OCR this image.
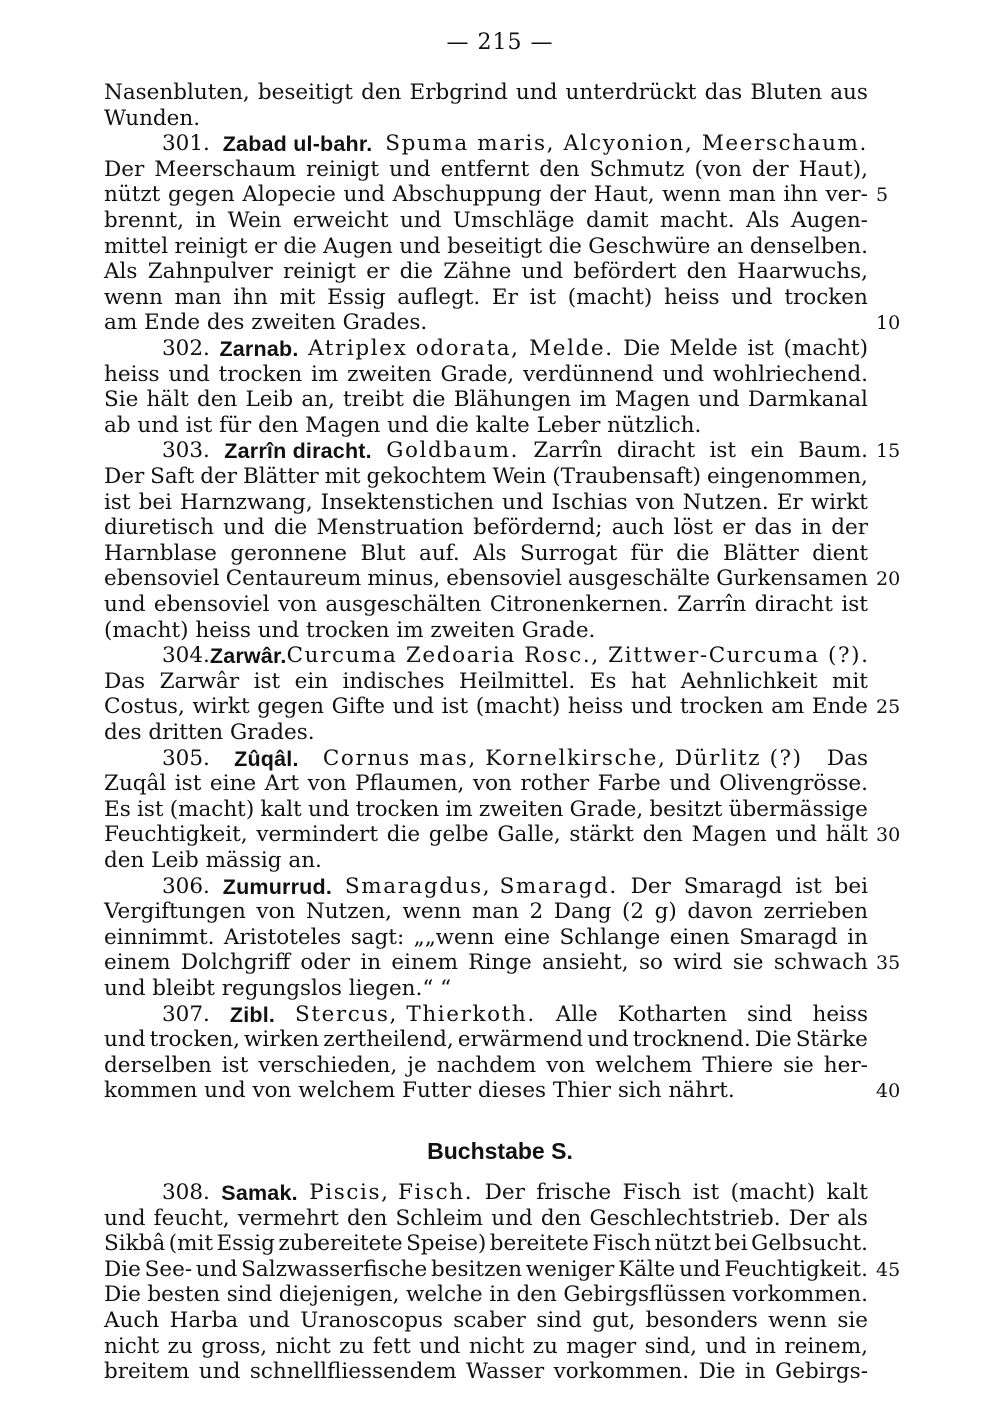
— 215 —
Nasenbluten, beseitigt den Erbgrind und unterdrückt das Bluten aus
Wunden.
301. Zabad ul-bahr. Spuma maris, Alcyonion, Meerschaum.
Der Meerschaum reinigt und entfernt den Schmutz (von der Haut),
nützt gegen Alopecie und Abschuppung der Haut, wenn man ihn ver- 5
brennt, in Wein erweicht und Umschläge damit macht. Als Augen-
mittel reinigt er die Augen und beseitigt die Geschwüre an denselben.
Als Zahnpulver reinigt er die Zähne und befördert den Haarwuchs,
wenn man ihn mit Essig auflegt. Er ist (macht) heiss und trocken
am Ende des zweiten Grades.	10
302. Zarnab. Atriplex odorata, Melde. Die Melde ist (macht)
heiss und trocken im zweiten Grade, verdünnend und wohlriechend.
Sie hält den Leib an, treibt die Blähungen im Magen und Darmkanal
ab und ist für den Magen und die kalte Leber nützlich.
303. Zarrîn diracht. Goldbaum. Zarrîn diracht ist ein Baum. 15
Der Saft der Blätter mit gekochtem Wein (Traubensaft) eingenommen,
ist bei Harnzwang, Insektenstichen und Ischias von Nutzen. Er wirkt
diuretisch und die Menstruation befördernd; auch löst er das in der
Harnblase geronnene Blut auf. Als Surrogat für die Blätter dient
ebensoviel Centaureum minus, ebensoviel ausgeschälte Gurkensamen 20
und ebensoviel von ausgeschälten Citronenkernen. Zarrîn diracht ist
(macht) heiss und trocken im zweiten Grade.
304. Zarwâr. Curcuma Zedoaria Rosc., Zittwer-Curcuma (?).
Das Zarwâr ist ein indisches Heilmittel. Es hat Aehnlichkeit mit
Costus, wirkt gegen Gifte und ist (macht) heiss und trocken am Ende 25
des dritten Grades.
305. Zûqâl. Cornus mas, Kornelkirsche, Dürlitz (?) Das
Zuqâl ist eine Art von Pflaumen, von rother Farbe und Olivengrösse.
Es ist (macht) kalt und trocken im zweiten Grade, besitzt übermässige
Feuchtigkeit, vermindert die gelbe Galle, stärkt den Magen und hält 30
den Leib mässig an.
306. Zumurrud. Smaragdus, Smaragd. Der Smaragd ist bei
Vergiftungen von Nutzen, wenn man 2 Dang (2 g) davon zerrieben
einnimmt. Aristoteles sagt: „„wenn eine Schlange einen Smaragd in
einem Dolchgriff oder in einem Ringe ansieht, so wird sie schwach 35
und bleibt regungslos liegen.“ “
307. Zibl. Stercus, Thierkoth. Alle Kotharten sind heiss
und trocken, wirken zertheilend, erwärmend und trocknend. Die Stärke
derselben ist verschieden, je nachdem von welchem Thiere sie her-
kommen und von welchem Futter dieses Thier sich nährt.	40
Buchstabe S.
308. Samak. Piscis, Fisch. Der frische Fisch ist (macht) kalt
und feucht, vermehrt den Schleim und den Geschlechtstrieb. Der als
Sikbâ (mit Essig zubereitete Speise) bereitete Fisch nützt bei Gelbsucht.
Die See- und Salzwasserfische besitzen weniger Kälte und Feuchtigkeit. 45
Die besten sind diejenigen, welche in den Gebirgsflüssen vorkommen.
Auch Harba und Uranoscopus scaber sind gut, besonders wenn sie
nicht zu gross, nicht zu fett und nicht zu mager sind, und in reinem,
breitem und schnellfliessendem Wasser vorkommen. Die in Gebirgs-
